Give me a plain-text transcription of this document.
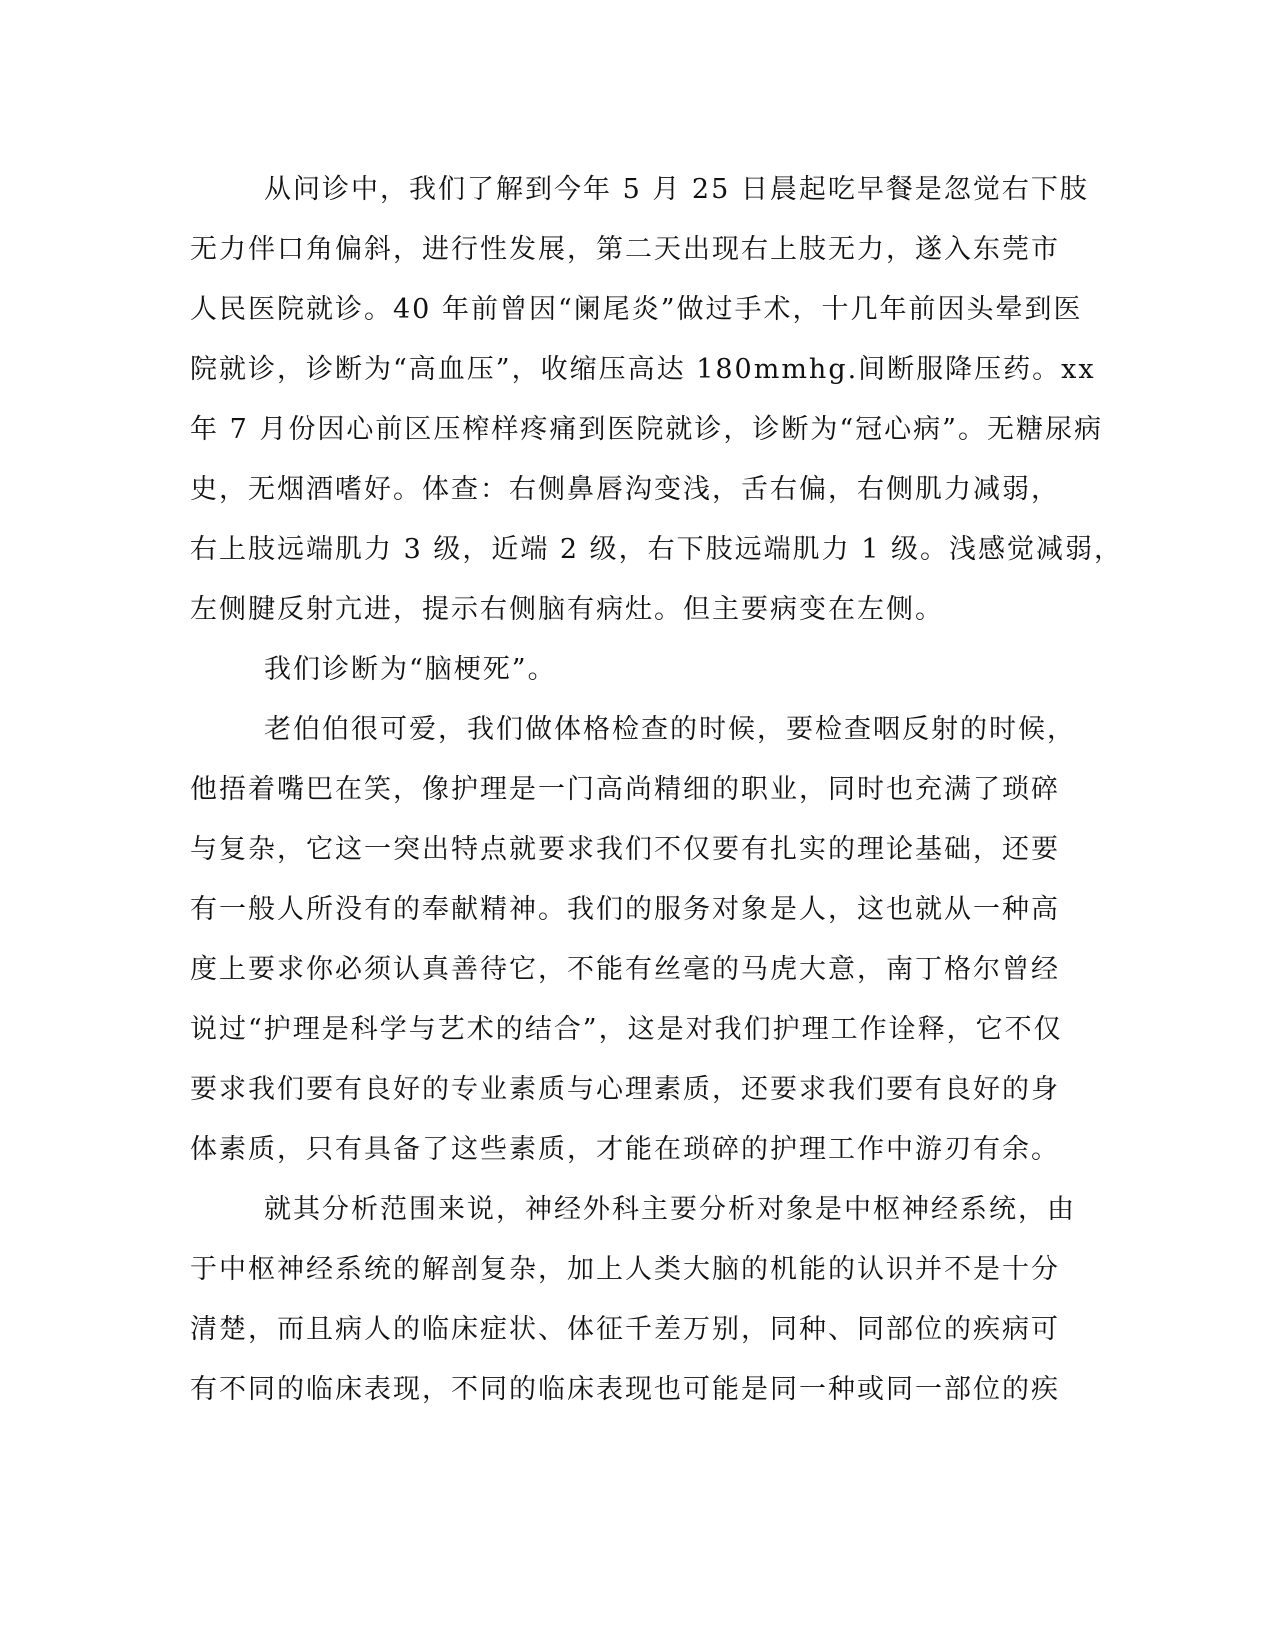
从问诊中，我们了解到今年 5 月 25 日晨起吃早餐是忽觉右下肢
无力伴口角偏斜，进行性发展，第二天出现右上肢无力，遂入东莞市
人民医院就诊。40 年前曾因“阑尾炎”做过手术，十几年前因头晕到医
院就诊，诊断为“高血压”，收缩压高达 180mmhg.间断服降压药。xx
年 7 月份因心前区压榨样疼痛到医院就诊，诊断为“冠心病”。无糖尿病
史，无烟酒嗜好。体查：右侧鼻唇沟变浅，舌右偏，右侧肌力减弱，
右上肢远端肌力 3 级，近端 2 级，右下肢远端肌力 1 级。浅感觉减弱，
左侧腱反射亢进，提示右侧脑有病灶。但主要病变在左侧。
我们诊断为“脑梗死”。
老伯伯很可爱，我们做体格检查的时候，要检查咽反射的时候，
他捂着嘴巴在笑，像护理是一门高尚精细的职业，同时也充满了琐碎
与复杂，它这一突出特点就要求我们不仅要有扎实的理论基础，还要
有一般人所没有的奉献精神。我们的服务对象是人，这也就从一种高
度上要求你必须认真善待它，不能有丝毫的马虎大意，南丁格尔曾经
说过“护理是科学与艺术的结合”，这是对我们护理工作诠释，它不仅
要求我们要有良好的专业素质与心理素质，还要求我们要有良好的身
体素质，只有具备了这些素质，才能在琐碎的护理工作中游刃有余。
就其分析范围来说，神经外科主要分析对象是中枢神经系统，由
于中枢神经系统的解剖复杂，加上人类大脑的机能的认识并不是十分
清楚，而且病人的临床症状、体征千差万别，同种、同部位的疾病可
有不同的临床表现，不同的临床表现也可能是同一种或同一部位的疾
